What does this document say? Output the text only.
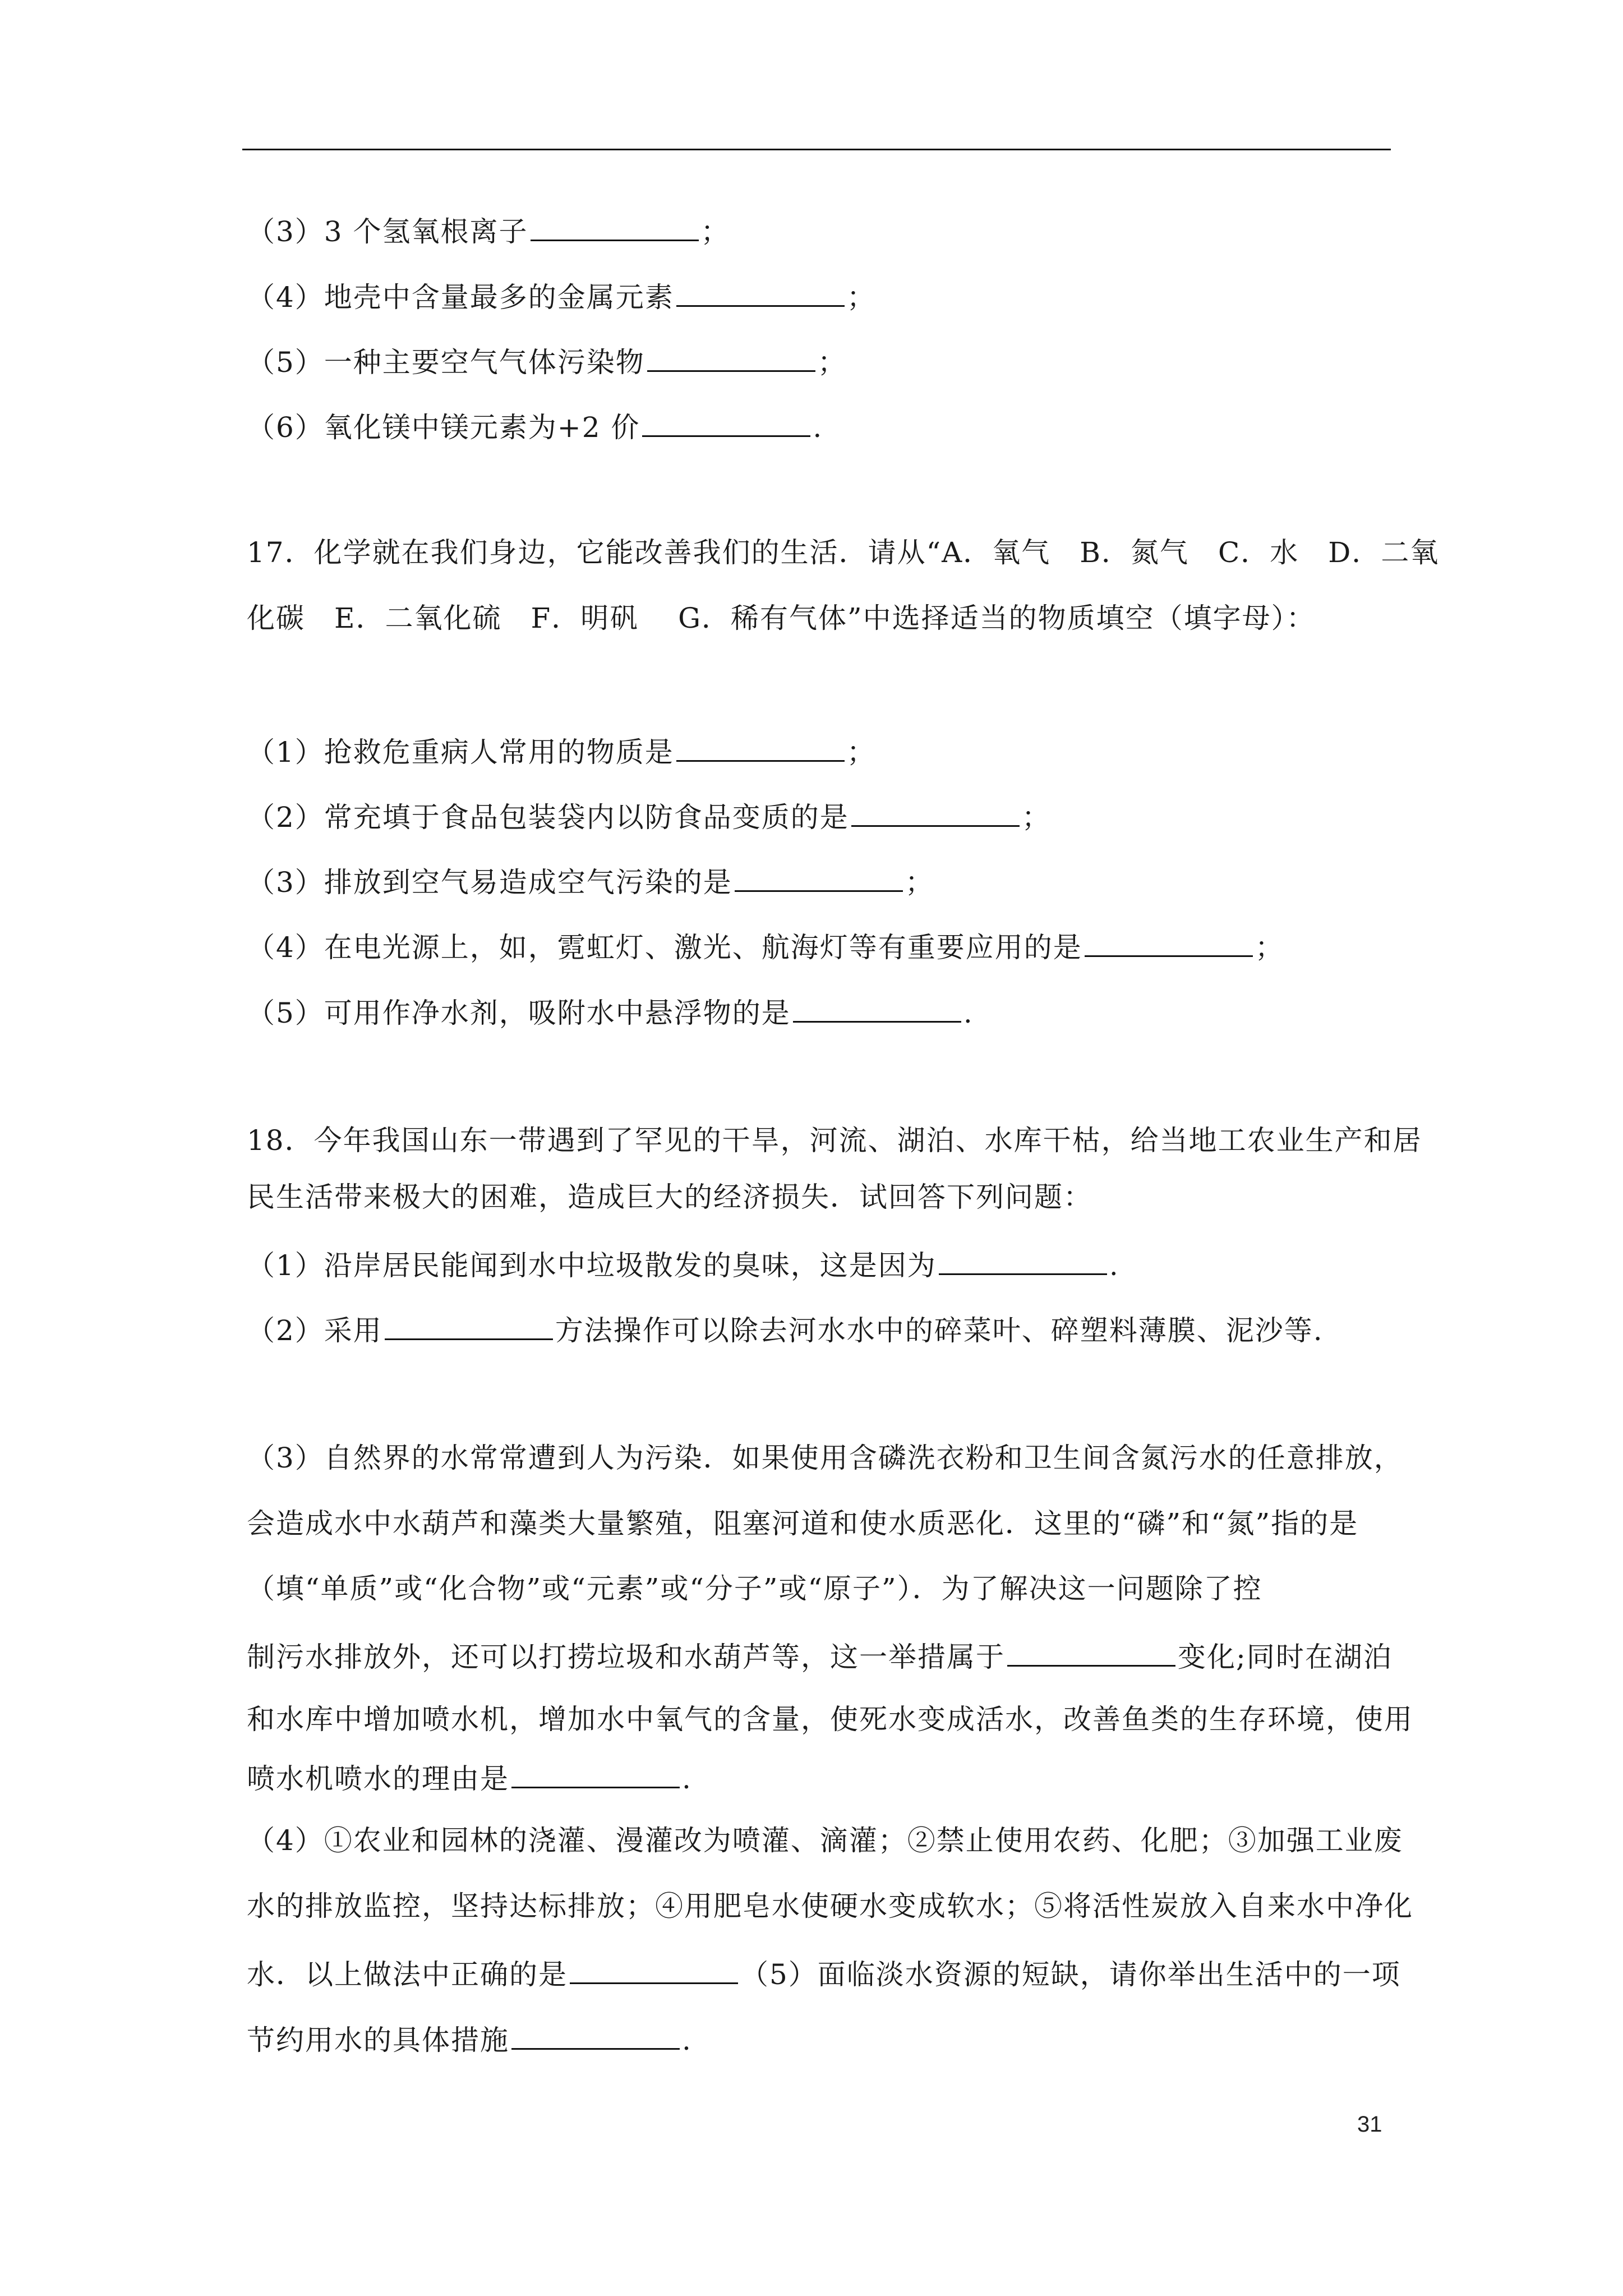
（3）3 个氢氧根离子	；
（4）地壳中含量最多的金属元素	；
（5）一种主要空气气体污染物	；
（6）氧化镁中镁元素为+2 价	.
17．化学就在我们身边，它能改善我们的生活．请从“A．氧气　B．氮气　C．水　D．二氧
化碳　E．二氧化硫　F．明矾　 G．稀有气体”中选择适当的物质填空（填字母）：
（1）抢救危重病人常用的物质是	；
（2）常充填于食品包装袋内以防食品变质的是	；
（3）排放到空气易造成空气污染的是	；
（4）在电光源上，如，霓虹灯、激光、航海灯等有重要应用的是	；
（5）可用作净水剂，吸附水中悬浮物的是	.
18．今年我国山东一带遇到了罕见的干旱，河流、湖泊、水库干枯，给当地工农业生产和居
民生活带来极大的困难，造成巨大的经济损失．试回答下列问题：
（1）沿岸居民能闻到水中垃圾散发的臭味，这是因为	.
（2）采用	方法操作可以除去河水水中的碎菜叶、碎塑料薄膜、泥沙等.
（3）自然界的水常常遭到人为污染．如果使用含磷洗衣粉和卫生间含氮污水的任意排放，
会造成水中水葫芦和藻类大量繁殖，阻塞河道和使水质恶化．这里的“磷”和“氮”指的是
（填“单质”或“化合物”或“元素”或“分子”或“原子”）．为了解决这一问题除了控
制污水排放外，还可以打捞垃圾和水葫芦等，这一举措属于	变化;同时在湖泊
和水库中增加喷水机，增加水中氧气的含量，使死水变成活水，改善鱼类的生存环境，使用
喷水机喷水的理由是	.
（4）①农业和园林的浇灌、漫灌改为喷灌、滴灌；②禁止使用农药、化肥；③加强工业废
水的排放监控，坚持达标排放；④用肥皂水使硬水变成软水；⑤将活性炭放入自来水中净化
水．以上做法中正确的是	（5）面临淡水资源的短缺，请你举出生活中的一项
节约用水的具体措施	.
31
